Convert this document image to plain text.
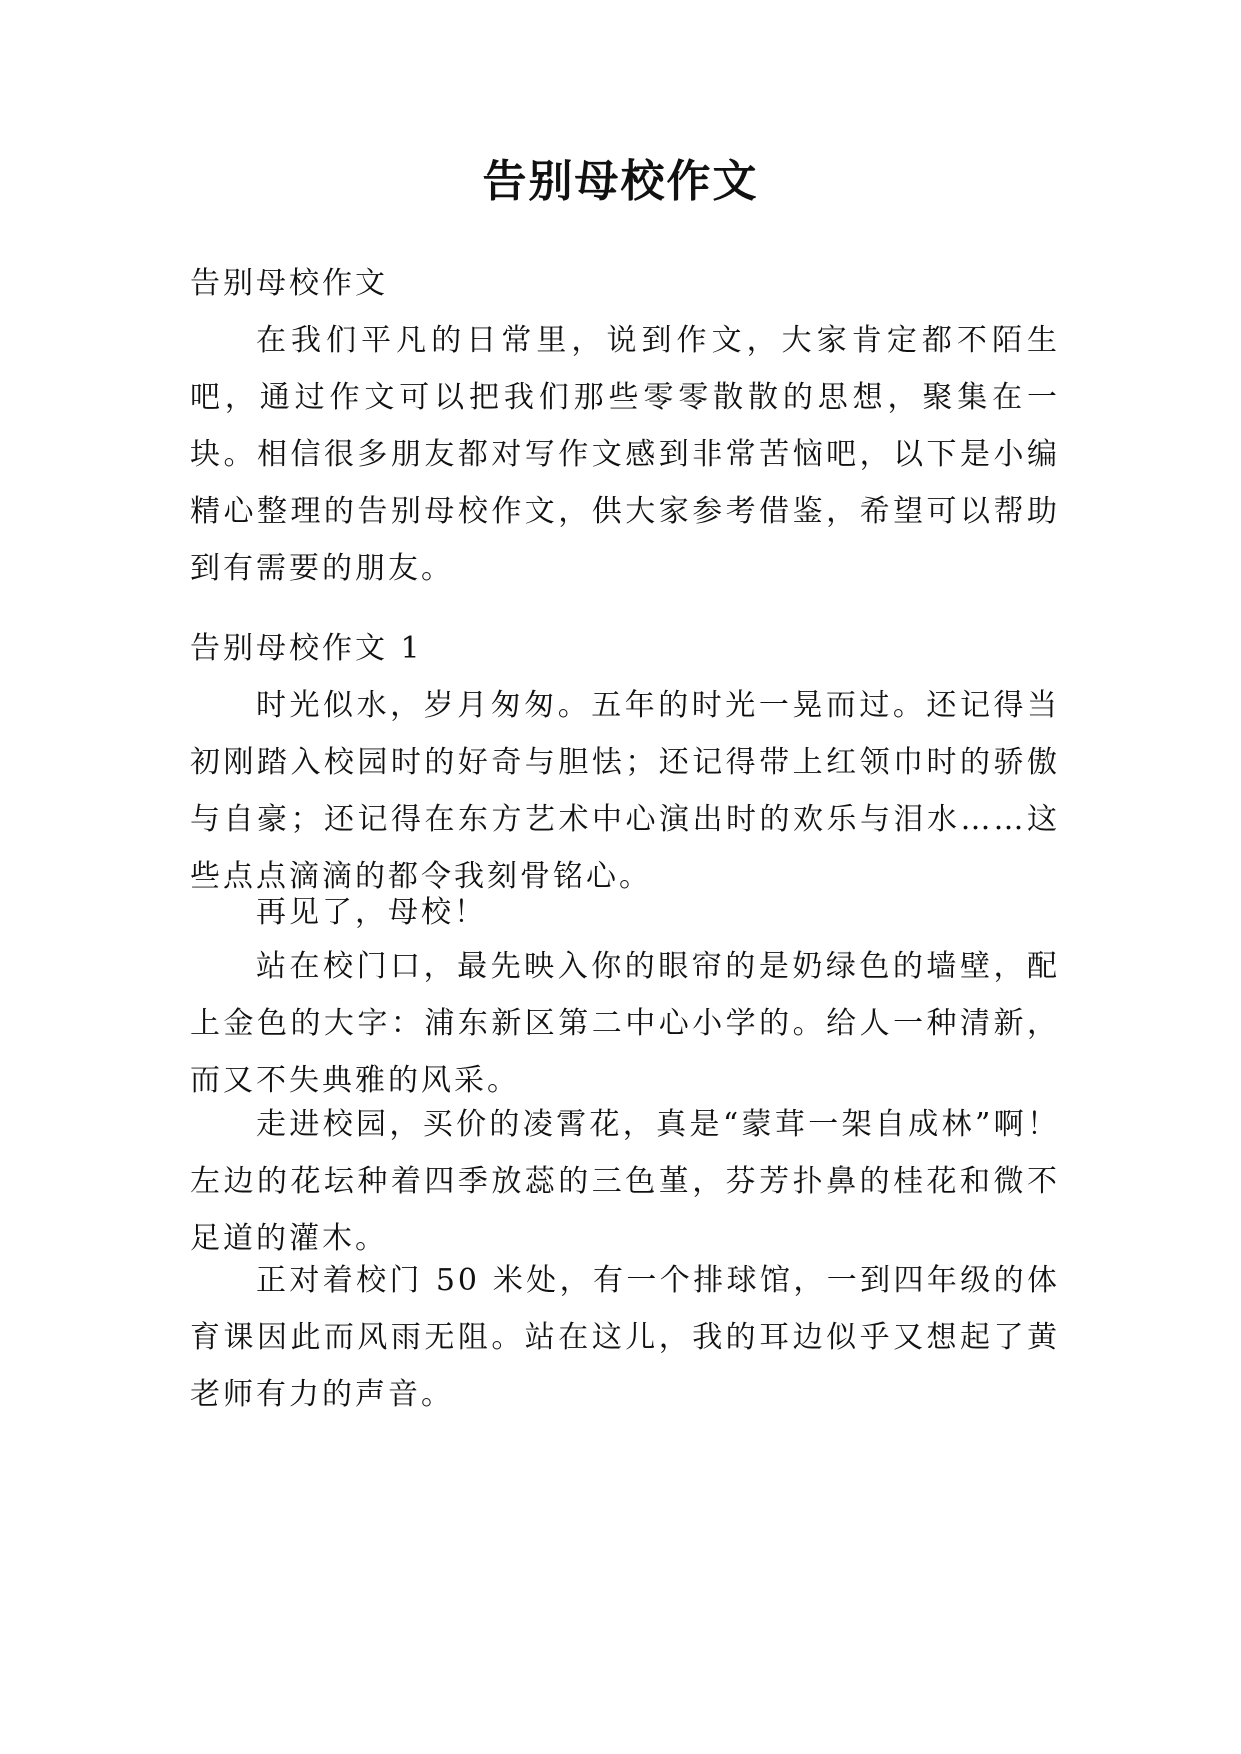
告别母校作文

告别母校作文

在我们平凡的日常里，说到作文，大家肯定都不陌生吧，通过作文可以把我们那些零零散散的思想，聚集在一块。相信很多朋友都对写作文感到非常苦恼吧，以下是小编精心整理的告别母校作文，供大家参考借鉴，希望可以帮助到有需要的朋友。

告别母校作文 1

时光似水，岁月匆匆。五年的时光一晃而过。还记得当初刚踏入校园时的好奇与胆怯；还记得带上红领巾时的骄傲与自豪；还记得在东方艺术中心演出时的欢乐与泪水……这些点点滴滴的都令我刻骨铭心。

再见了，母校！

站在校门口，最先映入你的眼帘的是奶绿色的墙壁，配上金色的大字：浦东新区第二中心小学的。给人一种清新，而又不失典雅的风采。

走进校园，买价的凌霄花，真是“蒙茸一架自成林”啊！左边的花坛种着四季放蕊的三色堇，芬芳扑鼻的桂花和微不足道的灌木。

正对着校门 50 米处，有一个排球馆，一到四年级的体育课因此而风雨无阻。站在这儿，我的耳边似乎又想起了黄老师有力的声音。
